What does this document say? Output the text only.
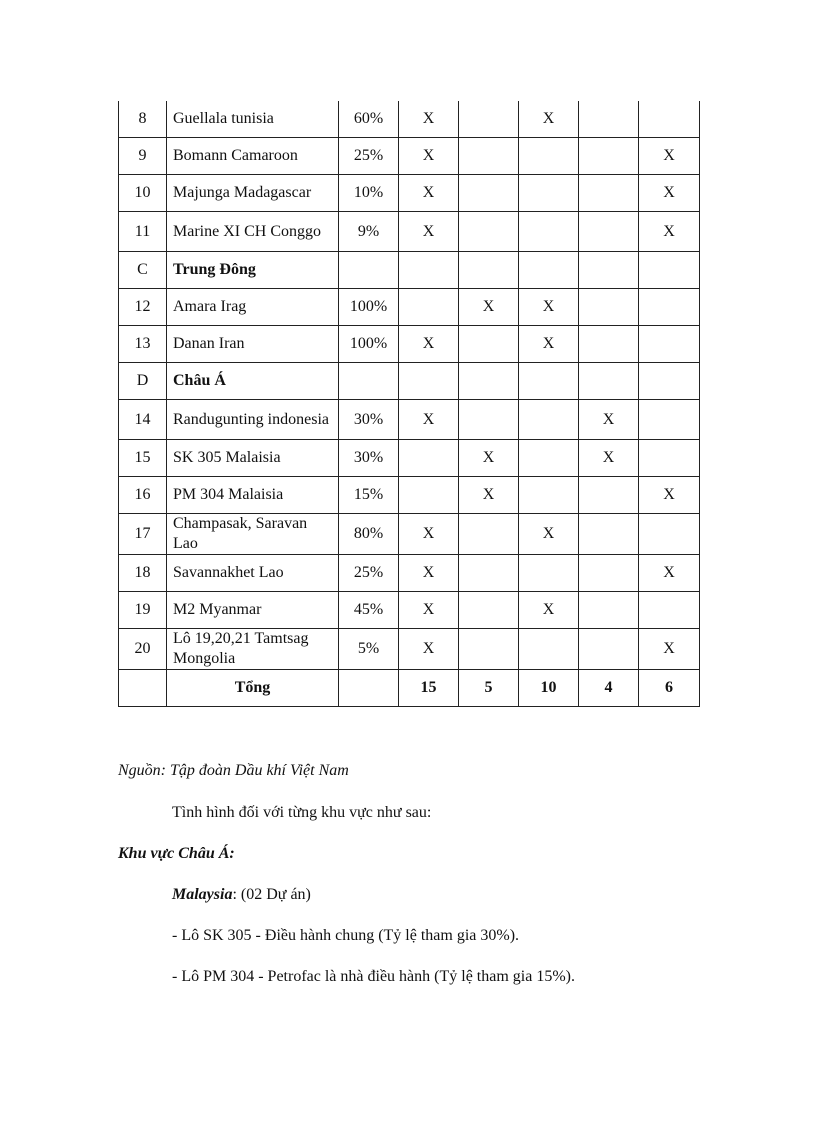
8	Guellala tunisia	60%	X		X		
9	Bomann Camaroon	25%	X				X
10	Majunga Madagascar	10%	X				X
11	Marine XI CH Conggo	9%	X				X
C	Trung Đông						
12	Amara Irag	100%		X	X		
13	Danan Iran	100%	X		X		
D	Châu Á						
14	Randugunting indonesia	30%	X			X	
15	SK 305 Malaisia	30%		X		X	
16	PM 304 Malaisia	15%		X			X
17	Champasak, Saravan Lao	80%	X		X		
18	Savannakhet Lao	25%	X				X
19	M2 Myanmar	45%	X		X		
20	Lô 19,20,21 Tamtsag Mongolia	5%	X				X
	Tổng		15	5	10	4	6

Nguồn: Tập đoàn Dầu khí Việt Nam

Tình hình đối với từng khu vực như sau:

Khu vực Châu Á:

Malaysia: (02 Dự án)

- Lô SK 305 - Điều hành chung (Tỷ lệ tham gia 30%).

- Lô PM 304 - Petrofac là nhà điều hành (Tỷ lệ tham gia 15%).
